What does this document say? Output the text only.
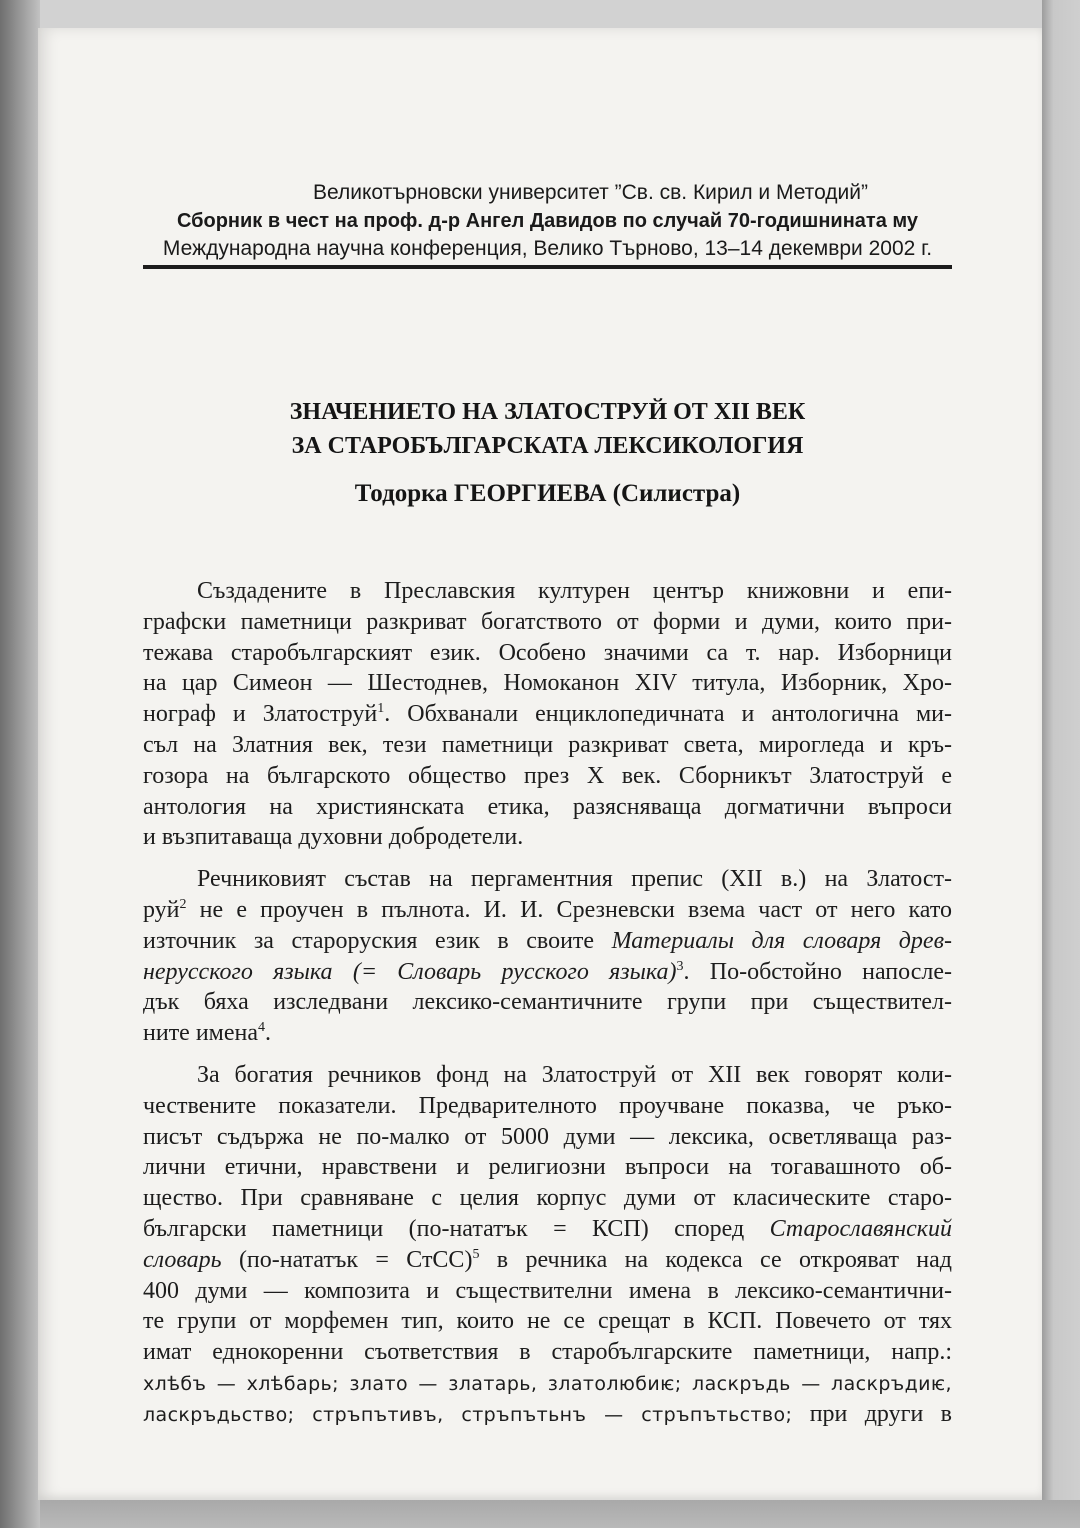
Великотърновски университет ”Св. св. Кирил и Методий”
Сборник в чест на проф. д-р Ангел Давидов по случай 70-годишнината му
Международна научна конференция, Велико Търново, 13–14 декември 2002 г.
ЗНАЧЕНИЕТО НА ЗЛАТОСТРУЙ ОТ XII ВЕК
ЗА СТАРОБЪЛГАРСКАТА ЛЕКСИКОЛОГИЯ
Тодорка ГЕОРГИЕВА (Силистра)
Създадените в Преславския културен център книжовни и епи-
графски паметници разкриват богатството от форми и думи, които при-
тежава старобългарският език. Особено значими са т. нар. Изборници
на цар Симеон — Шестоднев, Номоканон XIV титула, Изборник, Хро-
нограф и Златоструй$^1$. Обхванали енциклопедичната и антологична ми-
съл на Златния век, тези паметници разкриват света, мирогледа и кръ-
гозора на българското общество през X век. Сборникът Златоструй е
антология на християнската етика, разясняваща догматични въпроси
и възпитаваща духовни добродетели.
Речниковият състав на пергаментния препис (XII в.) на Златост-
руй$^2$ не е проучен в пълнота. И. И. Срезневски взема част от него като
източник за староруския език в своите Материалы для словаря древ-
нерусского языка (= Словарь русского языка)$^3$. По-обстойно напосле-
дък бяха изследвани лексико-семантичните групи при съществител-
ните имена$^4$.
За богатия речников фонд на Златоструй от XII век говорят коли-
чествените показатели. Предварителното проучване показва, че ръко-
писът съдържа не по-малко от 5000 думи — лексика, осветляваща раз-
лични етични, нравствени и религиозни въпроси на тогавашното об-
щество. При сравняване с целия корпус думи от класическите старо-
български паметници (по-нататък = КСП) според Старославянский
словарь (по-нататък = СтСС)$^5$ в речника на кодекса се открояват над
400 думи — композита и съществителни имена в лексико-семантични-
те групи от морфемен тип, които не се срещат в КСП. Повечето от тях
имат еднокоренни съответствия в старобългарските паметници, напр.:
хлѣбъ — хлѣбарь; злато — златарь, златолюбиѥ; ласкръдь — ласкръдиѥ,
ласкръдьство; стръпътивъ, стръпътьнъ — стръпътьство; при други в
